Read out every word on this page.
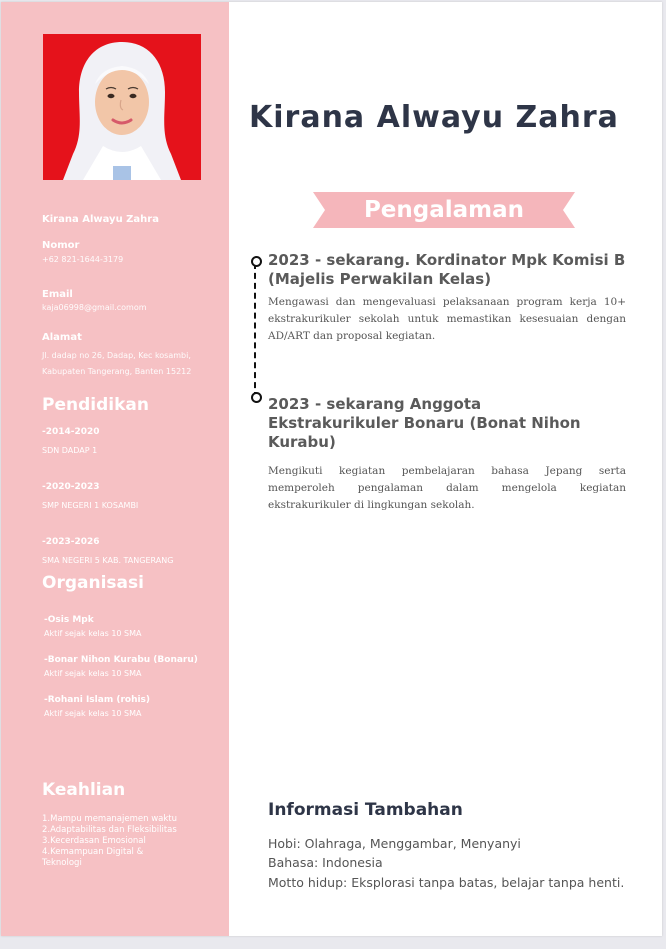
Kirana Alwayu Zahra
Nomor
+62 821-1644-3179
Email
kaja06998@gmail.comom
Alamat
Jl. dadap no 26, Dadap, Kec kosambi,
Kabupaten Tangerang, Banten 15212
Pendidikan
-2014-2020
SDN DADAP 1
-2020-2023
SMP NEGERI 1 KOSAMBI
-2023-2026
SMA NEGERI 5 KAB. TANGERANG
Organisasi
-Osis Mpk
Aktif sejak kelas 10 SMA
-Bonar Nihon Kurabu (Bonaru)
Aktif sejak kelas 10 SMA
-Rohani Islam (rohis)
Aktif sejak kelas 10 SMA
Keahlian
1.Mampu memanajemen waktu
2.Adaptabilitas dan Fleksibilitas
3.Kecerdasan Emosional
4.Kemampuan Digital & Teknologi
Kirana Alwayu Zahra
Pengalaman
2023 - sekarang. Kordinator Mpk Komisi B (Majelis Perwakilan Kelas)
Mengawasi dan mengevaluasi pelaksanaan program kerja 10+ ekstrakurikuler sekolah untuk memastikan kesesuaian dengan AD/ART dan proposal kegiatan.
2023 - sekarang Anggota Ekstrakurikuler Bonaru (Bonat Nihon Kurabu)
Mengikuti kegiatan pembelajaran bahasa Jepang serta memperoleh pengalaman dalam mengelola kegiatan ekstrakurikuler di lingkungan sekolah.
Informasi Tambahan
Hobi: Olahraga, Menggambar, Menyanyi
Bahasa: Indonesia
Motto hidup: Eksplorasi tanpa batas, belajar tanpa henti.
